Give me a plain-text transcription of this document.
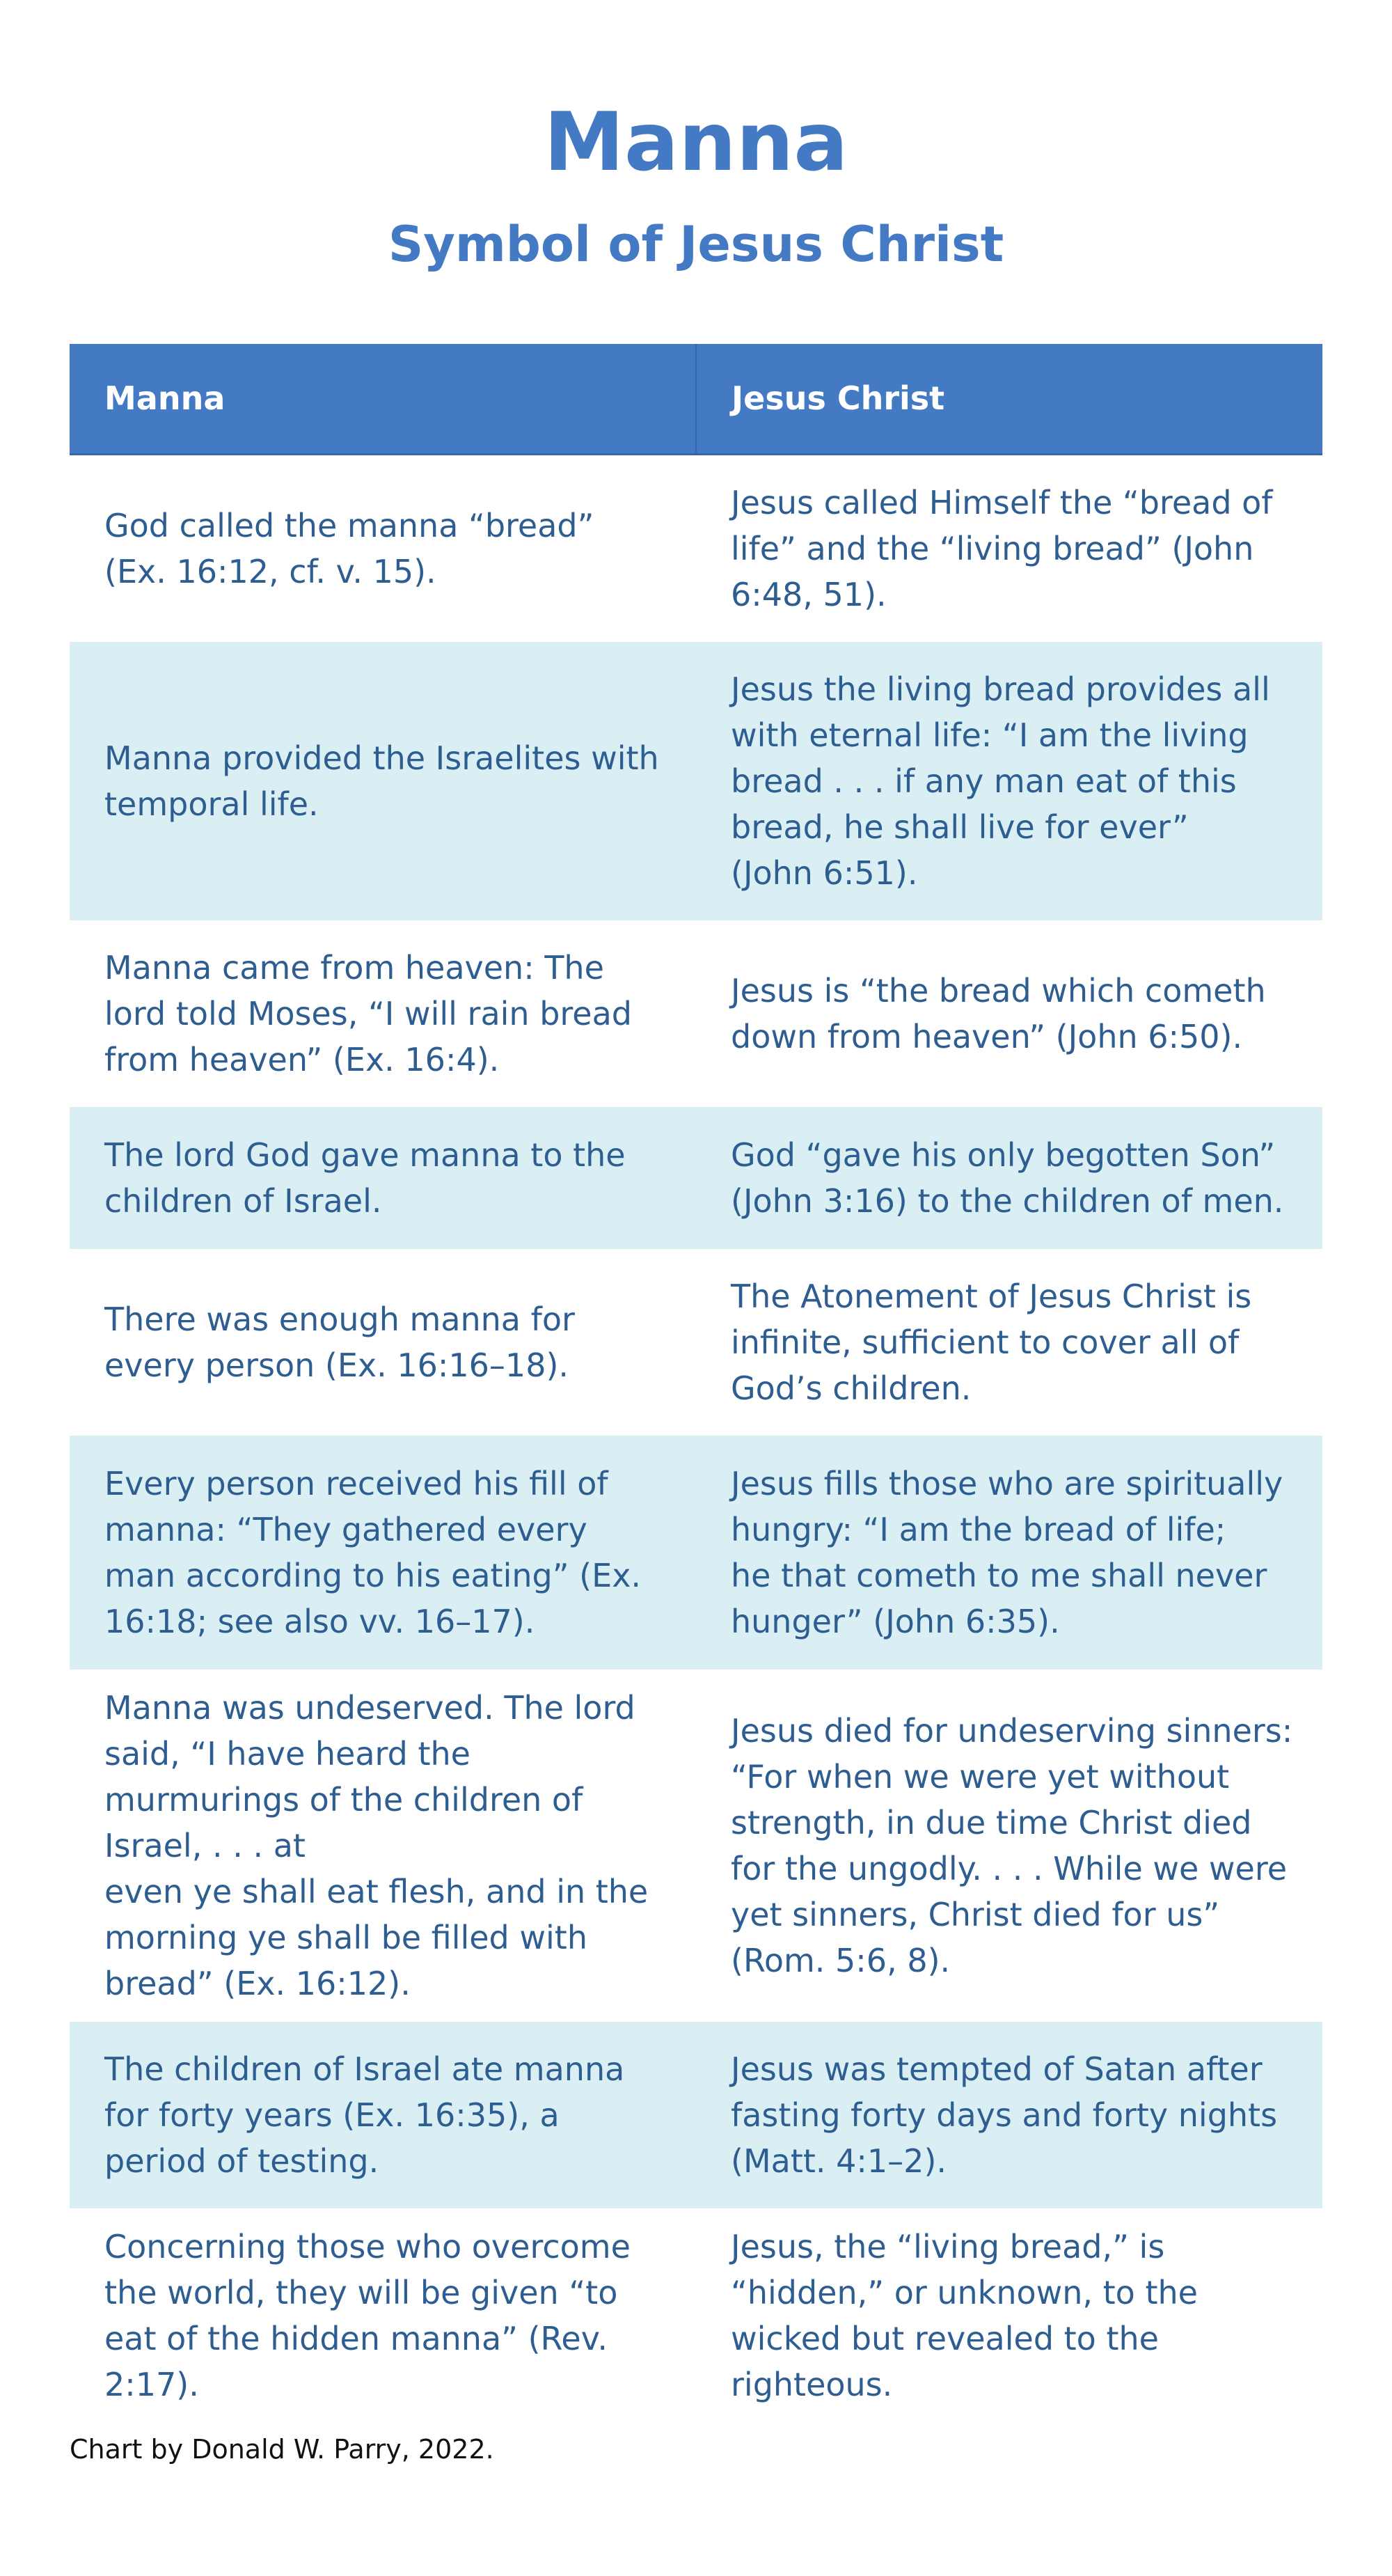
Manna
Symbol of Jesus Christ
Manna	Jesus Christ
God called the manna “bread”
(Ex. 16:12, cf. v. 15).	Jesus called Himself the “bread of life” and the “living bread” (John 6:48, 51).
Manna provided the Israelites with temporal life.	Jesus the living bread provides all with eternal life: “I am the living bread . . . if any man eat of this bread, he shall live for ever”
(John 6:51).
Manna came from heaven: The lord told Moses, “I will rain bread from heaven” (Ex. 16:4).	Jesus is “the bread which cometh down from heaven” (John 6:50).
The lord God gave manna to the children of Israel.	God “gave his only begotten Son” (John 3:16) to the children of men.
There was enough manna for every person (Ex. 16:16–18).	The Atonement of Jesus Christ is infinite, sufficient to cover all of God’s children.
Every person received his fill of manna: “They gathered every man according to his eating” (Ex. 16:18; see also vv. 16–17).	Jesus fills those who are spiritually hungry: “I am the bread of life;
he that cometh to me shall never hunger” (John 6:35).
Manna was undeserved. The lord said, “I have heard the murmurings of the children of Israel, . . . at
even ye shall eat flesh, and in the morning ye shall be filled with bread” (Ex. 16:12).	Jesus died for undeserving sinners: “For when we were yet without strength, in due time Christ died for the ungodly. . . . While we were yet sinners, Christ died for us”
(Rom. 5:6, 8).
The children of Israel ate manna for forty years (Ex. 16:35), a period of testing.	Jesus was tempted of Satan after fasting forty days and forty nights (Matt. 4:1–2).
Concerning those who overcome the world, they will be given “to eat of the hidden manna” (Rev. 2:17).	Jesus, the “living bread,” is “hidden,” or unknown, to the wicked but revealed to the righteous.

Chart by Donald W. Parry, 2022.
